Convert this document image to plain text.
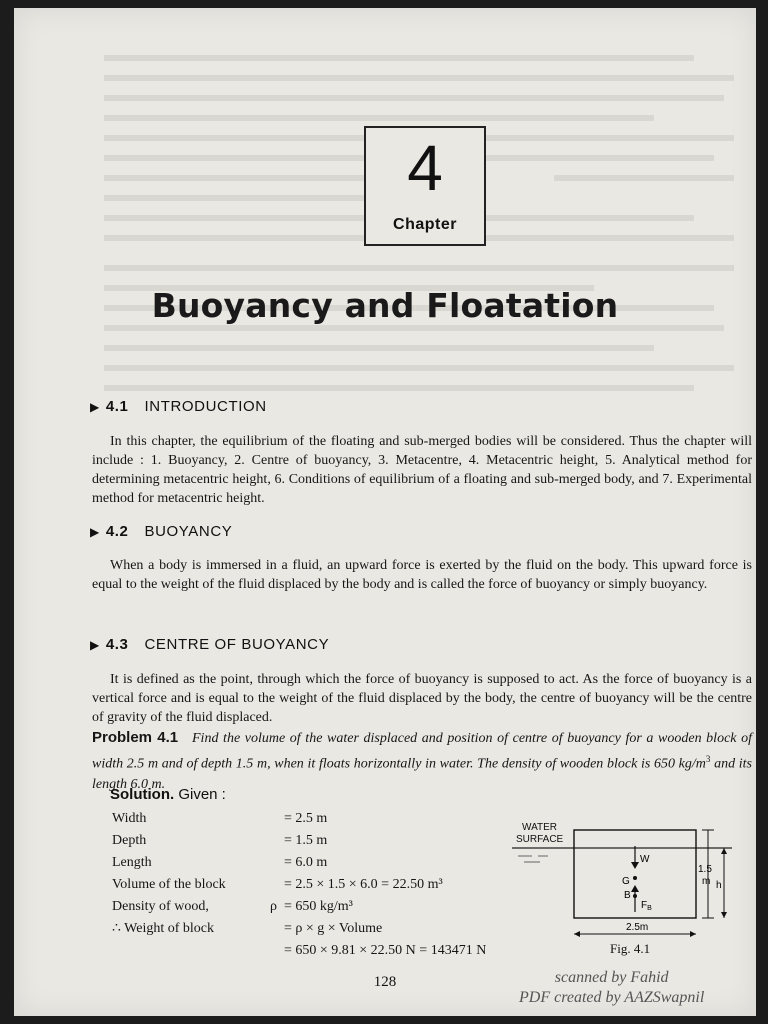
4
Chapter
Buoyancy and Floatation
▶ 4.1 INTRODUCTION
In this chapter, the equilibrium of the floating and sub-merged bodies will be considered. Thus the chapter will include : 1. Buoyancy, 2. Centre of buoyancy, 3. Metacentre, 4. Metacentric height, 5. Analytical method for determining metacentric height, 6. Conditions of equilibrium of a floating and sub-merged body, and 7. Experimental method for metacentric height.
▶ 4.2 BUOYANCY
When a body is immersed in a fluid, an upward force is exerted by the fluid on the body. This upward force is equal to the weight of the fluid displaced by the body and is called the force of buoyancy or simply buoyancy.
▶ 4.3 CENTRE OF BUOYANCY
It is defined as the point, through which the force of buoyancy is supposed to act. As the force of buoyancy is a vertical force and is equal to the weight of the fluid displaced by the body, the centre of buoyancy will be the centre of gravity of the fluid displaced.
Problem 4.1 Find the volume of the water displaced and position of centre of buoyancy for a wooden block of width 2.5 m and of depth 1.5 m, when it floats horizontally in water. The density of wooden block is 650 $kg/m^3$ and its length 6.0 m.
Solution. Given :
Width	= 2.5 m
Depth	= 1.5 m
Length	= 6.0 m
Volume of the block	= 2.5 × 1.5 × 6.0 = 22.50 m³
Density of wood,	ρ = 650 kg/m³
∴ Weight of block	= ρ × g × Volume
= 650 × 9.81 × 22.50 N = 143471 N
WATER
SURFACE
W
G
B
$F_B$
1.5
m h
2.5m
Fig. 4.1
128	scanned by Fahid
PDF created by AAZSwapnil
